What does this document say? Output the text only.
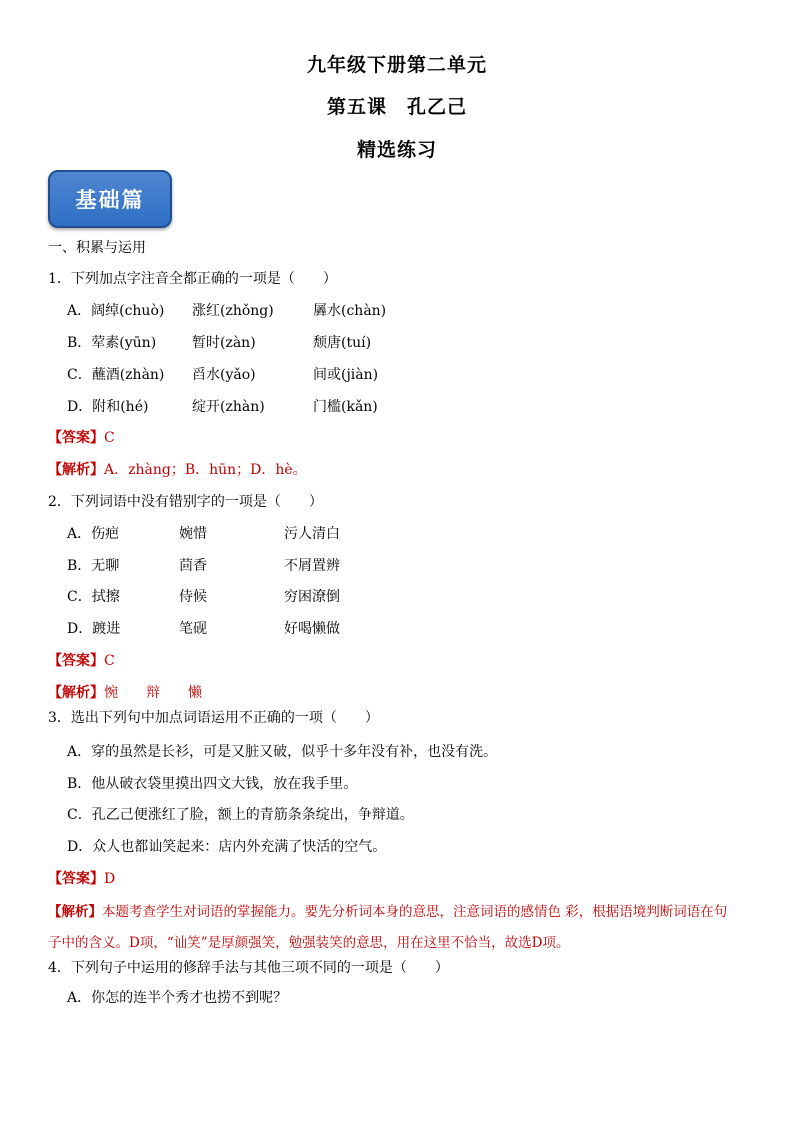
九年级下册第二单元
第五课　孔乙己
精选练习
基础篇
一、积累与运用
1．下列加点字注音全都正确的一项是（　　）
A．阔绰(chuò) 涨红(zhǒng)	羼水(chàn)
B．荤素(yūn)	暂时(zàn)	颓唐(tuí)
C．蘸酒(zhàn) 舀水(yǎo)	间或(jiàn)
D．附和(hé)	绽开(zhàn)	门槛(kǎn)
【答案】C
【解析】A．zhàng；B．hūn；D．hè。
2．下列词语中没有错别字的一项是（　　）
A．伤疤	婉惜	污人清白
B．无聊	茴香	不屑置辨
C．拭擦	侍候	穷困潦倒
D．踱进	笔砚	好喝懒做
【答案】C
【解析】惋　　辩　　懒
3．选出下列句中加点词语运用不正确的一项（　　）
A．穿的虽然是长衫，可是又脏又破，似乎十多年没有补，也没有洗。
B．他从破衣袋里摸出四文大钱，放在我手里。
C．孔乙己便涨红了脸，额上的青筋条条绽出，争辩道。
D．众人也都讪笑起来：店内外充满了快活的空气。
【答案】D
【解析】本题考查学生对词语的掌握能力。要先分析词本身的意思，注意词语的感情色 彩，根据语境判断词语在句
子中的含义。D项，“讪笑”是厚颜强笑，勉强装笑的意思，用在这里不恰当，故选D项。
4．下列句子中运用的修辞手法与其他三项不同的一项是（　　）
A．你怎的连半个秀才也捞不到呢？
